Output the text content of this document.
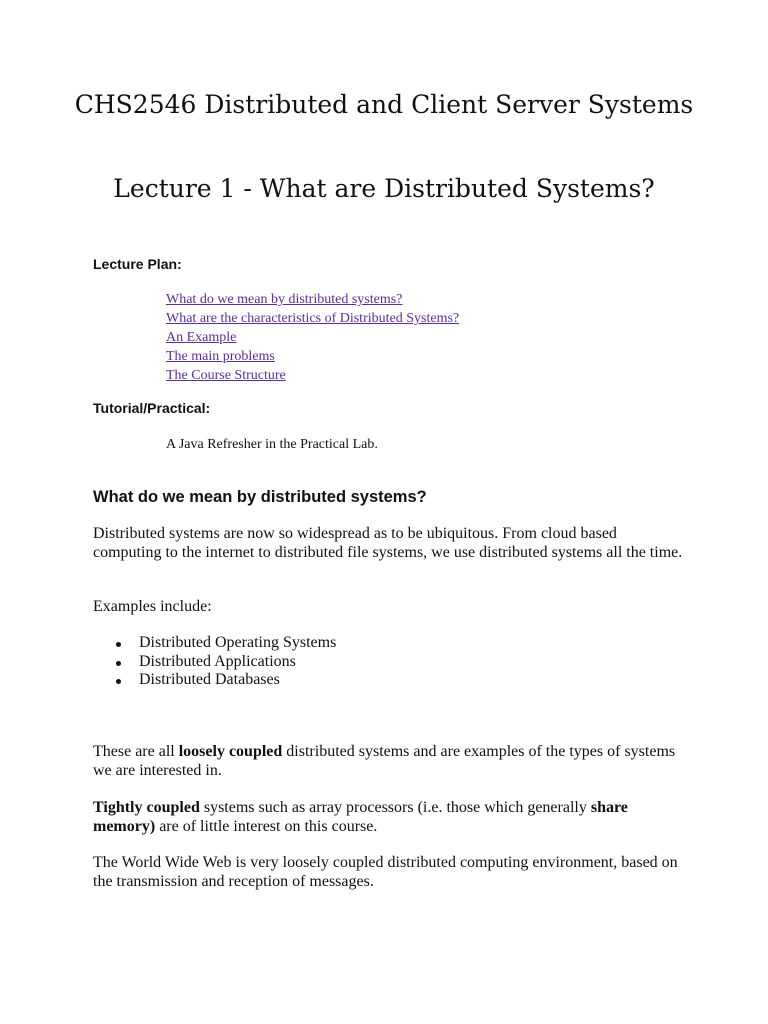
CHS2546 Distributed and Client Server Systems
Lecture 1 - What are Distributed Systems?

Lecture Plan:

What do we mean by distributed systems?
What are the characteristics of Distributed Systems?
An Example
The main problems
The Course Structure

Tutorial/Practical:

A Java Refresher in the Practical Lab.

What do we mean by distributed systems?

Distributed systems are now so widespread as to be ubiquitous. From cloud based computing to the internet to distributed file systems, we use distributed systems all the time.

Examples include:

Distributed Operating Systems
Distributed Applications
Distributed Databases

These are all loosely coupled distributed systems and are examples of the types of systems we are interested in.

Tightly coupled systems such as array processors (i.e. those which generally share memory) are of little interest on this course.

The World Wide Web is very loosely coupled distributed computing environment, based on the transmission and reception of messages.
